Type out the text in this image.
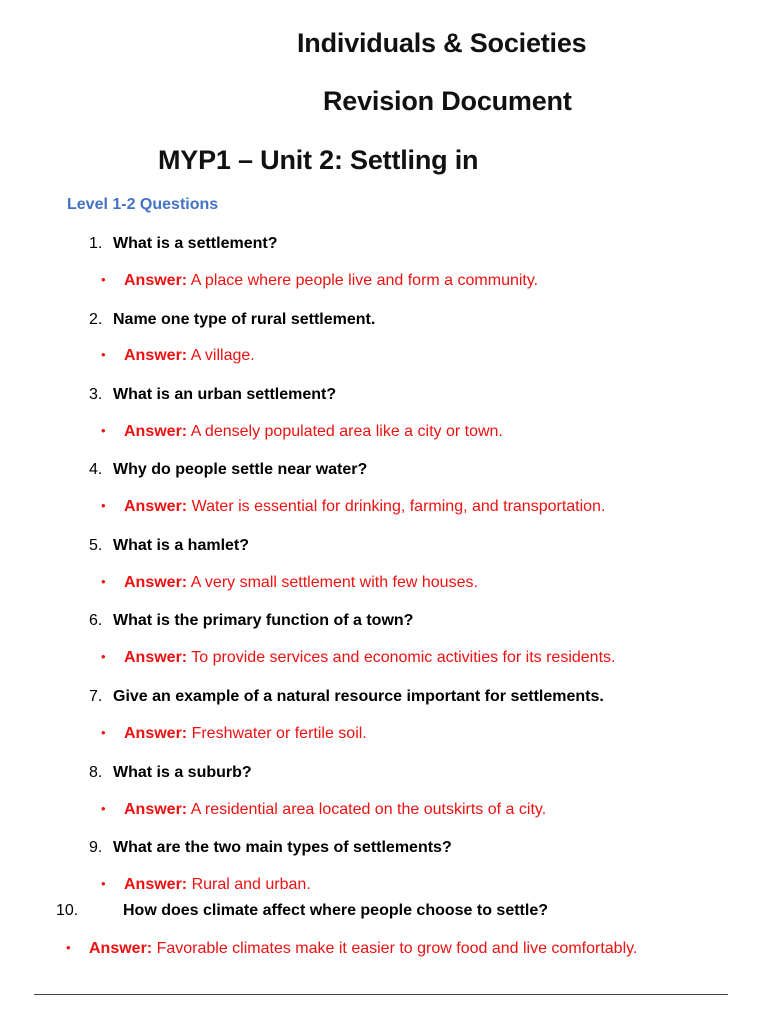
Individuals & Societies
Revision Document
MYP1 – Unit 2: Settling in
Level 1-2 Questions
1. What is a settlement?
• Answer: A place where people live and form a community.
2. Name one type of rural settlement.
• Answer: A village.
3. What is an urban settlement?
• Answer: A densely populated area like a city or town.
4. Why do people settle near water?
• Answer: Water is essential for drinking, farming, and transportation.
5. What is a hamlet?
• Answer: A very small settlement with few houses.
6. What is the primary function of a town?
• Answer: To provide services and economic activities for its residents.
7. Give an example of a natural resource important for settlements.
• Answer: Freshwater or fertile soil.
8. What is a suburb?
• Answer: A residential area located on the outskirts of a city.
9. What are the two main types of settlements?
• Answer: Rural and urban.
10.	How does climate affect where people choose to settle?
• Answer: Favorable climates make it easier to grow food and live comfortably.
